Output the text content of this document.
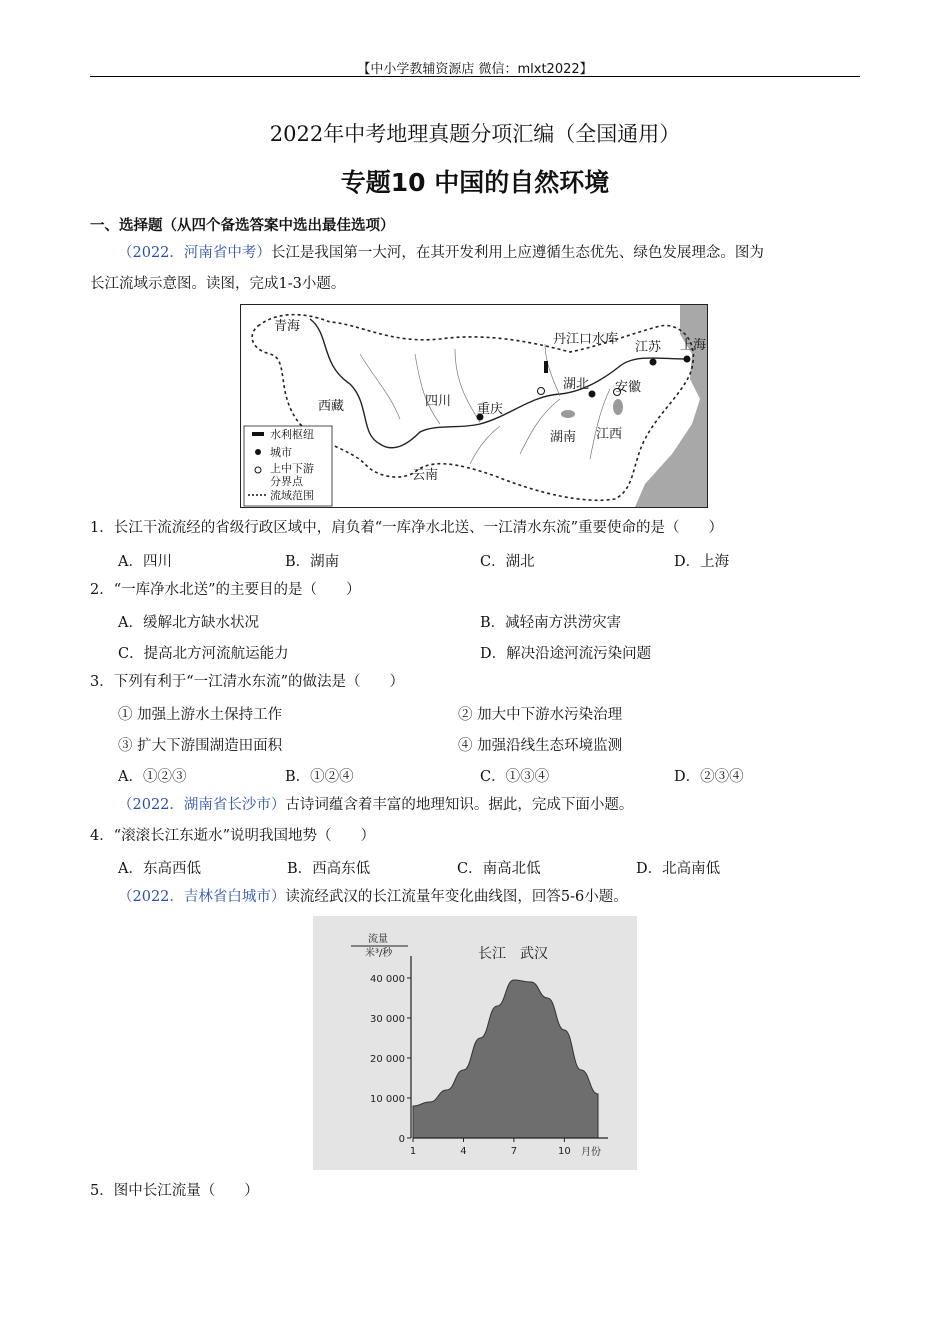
【中小学教辅资源店 微信：mlxt2022】
2022年中考地理真题分项汇编（全国通用）
专题10 中国的自然环境
一、选择题（从四个备选答案中选出最佳选项）
（2022．河南省中考）长江是我国第一大河，在其开发利用上应遵循生态优先、绿色发展理念。图为
长江流域示意图。读图，完成1-3小题。
青海
西藏	四川
重庆
云南
湖北
湖南 江西
安徽
江苏 上海
丹江口水库
水利枢纽
城市
上中下游
分界点
流域范围
1．长江干流流经的省级行政区域中，肩负着“一库净水北送、一江清水东流”重要使命的是（　　）
A．四川	B．湖南	C．湖北	D．上海
2．“一库净水北送”的主要目的是（　　）
A．缓解北方缺水状况	B．减轻南方洪涝灾害
C．提高北方河流航运能力	D．解决沿途河流污染问题
3．下列有利于“一江清水东流”的做法是（　　）
① 加强上游水土保持工作	② 加大中下游水污染治理
③ 扩大下游围湖造田面积	④ 加强沿线生态环境监测
A．①②③	B．①②④	C．①③④	D．②③④
（2022．湖南省长沙市）古诗词蕴含着丰富的地理知识。据此，完成下面小题。
4．“滚滚长江东逝水”说明我国地势（　　）
A．东高西低	B．西高东低	C．南高北低	D．北高南低
（2022．吉林省白城市）读流经武汉的长江流量年变化曲线图，回答5-6小题。
流量
米³/秒	长江　武汉
月份
0
10 000
20 000
30 000
40 000
1	4	7	10
5．图中长江流量（　　）
